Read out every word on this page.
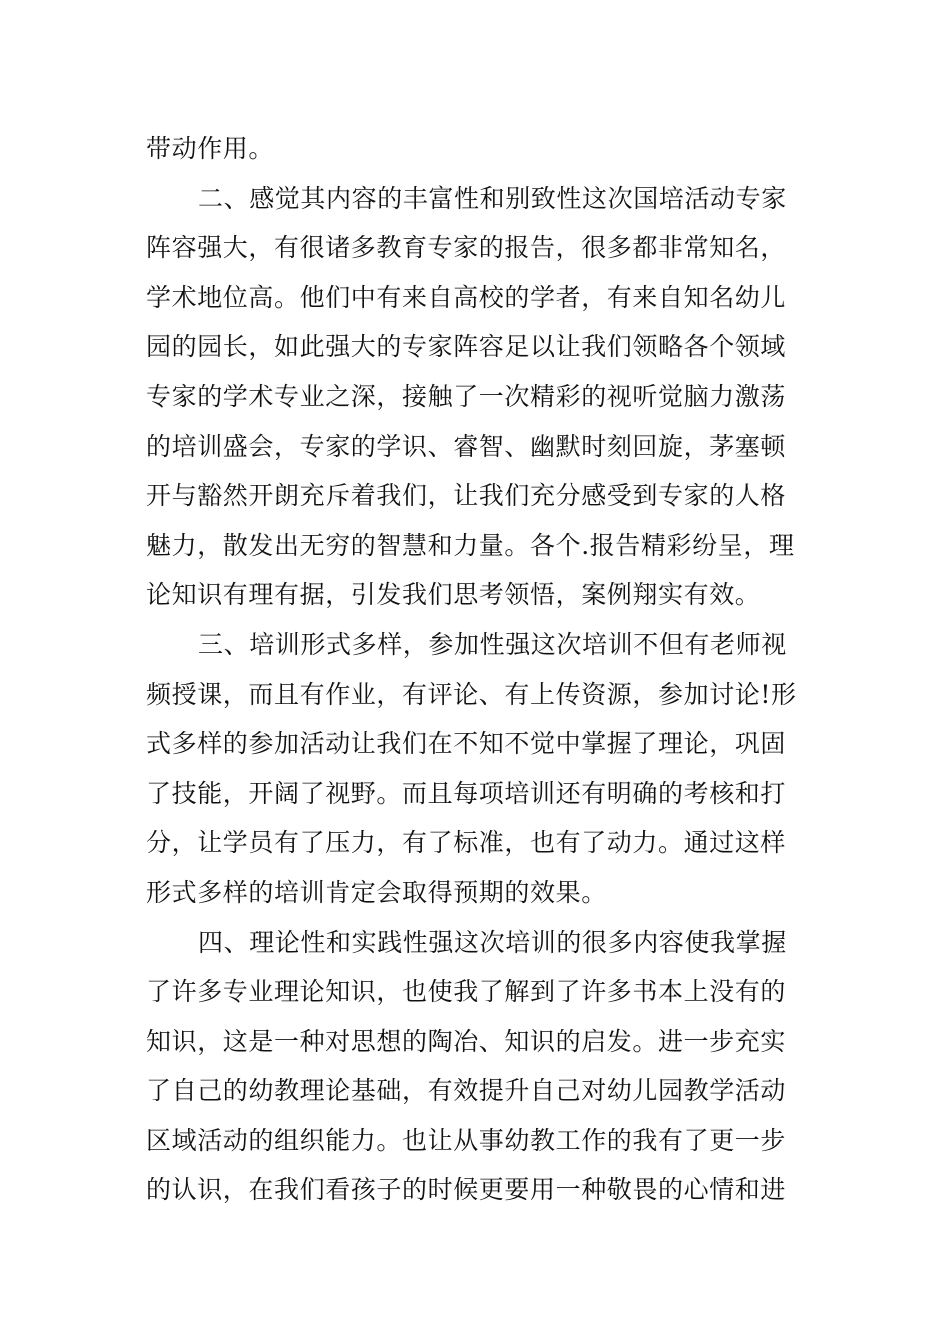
带动作用。
二、感觉其内容的丰富性和别致性这次国培活动专家
阵容强大，有很诸多教育专家的报告，很多都非常知名，
学术地位高。他们中有来自高校的学者，有来自知名幼儿
园的园长，如此强大的专家阵容足以让我们领略各个领域
专家的学术专业之深，接触了一次精彩的视听觉脑力激荡
的培训盛会，专家的学识、睿智、幽默时刻回旋，茅塞顿
开与豁然开朗充斥着我们，让我们充分感受到专家的人格
魅力，散发出无穷的智慧和力量。各个.报告精彩纷呈，理
论知识有理有据，引发我们思考领悟，案例翔实有效。
三、培训形式多样，参加性强这次培训不但有老师视
频授课，而且有作业，有评论、有上传资源，参加讨论!形
式多样的参加活动让我们在不知不觉中掌握了理论，巩固
了技能，开阔了视野。而且每项培训还有明确的考核和打
分，让学员有了压力，有了标准，也有了动力。通过这样
形式多样的培训肯定会取得预期的效果。
四、理论性和实践性强这次培训的很多内容使我掌握
了许多专业理论知识，也使我了解到了许多书本上没有的
知识，这是一种对思想的陶冶、知识的启发。进一步充实
了自己的幼教理论基础，有效提升自己对幼儿园教学活动
区域活动的组织能力。也让从事幼教工作的我有了更一步
的认识，在我们看孩子的时候更要用一种敬畏的心情和进
